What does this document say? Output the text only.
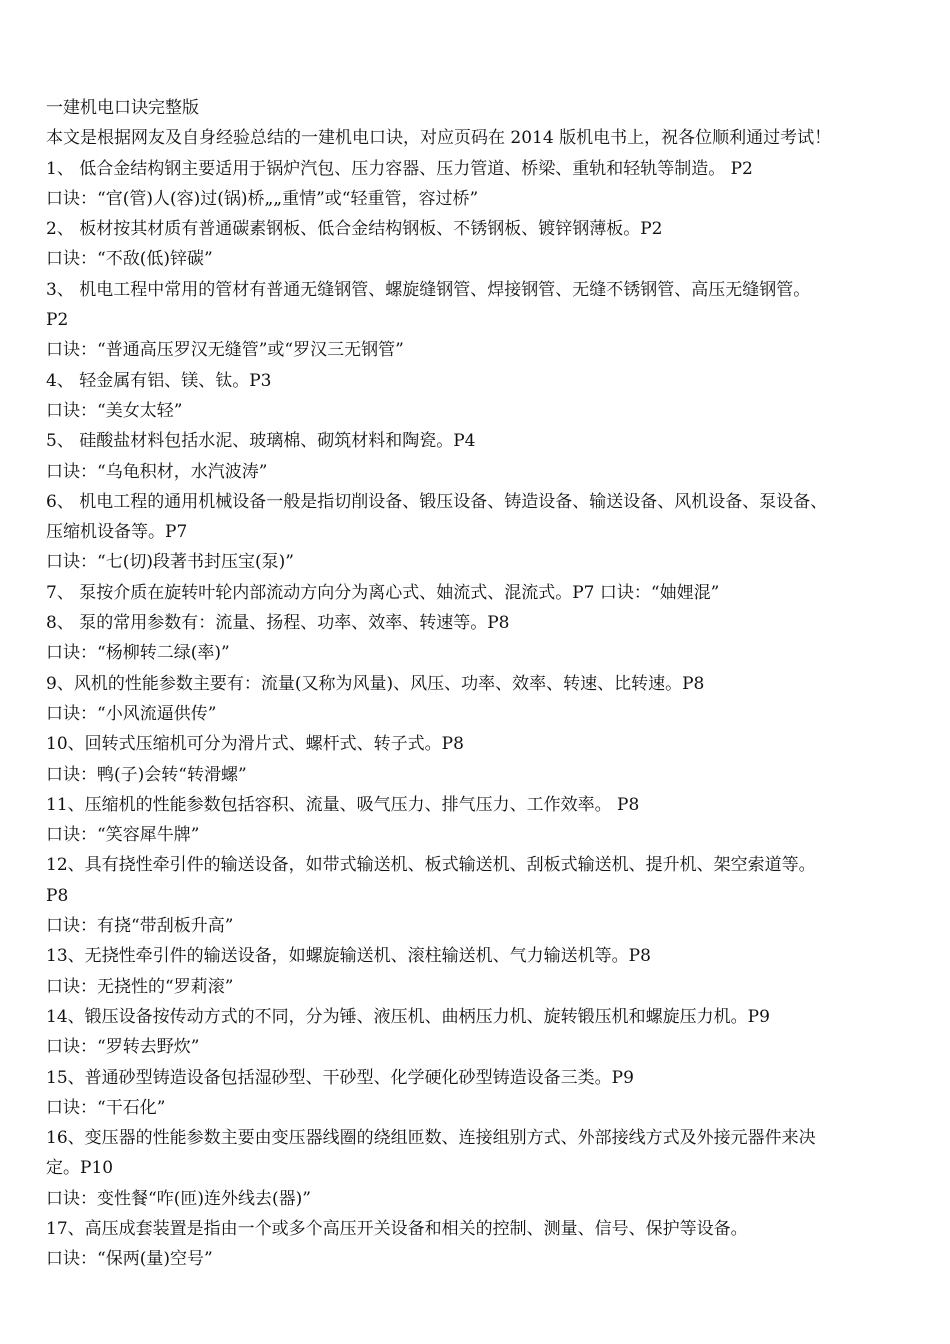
一建机电口诀完整版
本文是根据网友及自身经验总结的一建机电口诀，对应页码在 2014 版机电书上，祝各位顺利通过考试！
1、 低合金结构钢主要适用于锅炉汽包、压力容器、压力管道、桥梁、重轨和轻轨等制造。 P2
口诀：“官(管)人(容)过(锅)桥„„重情”或“轻重管，容过桥”
2、 板材按其材质有普通碳素钢板、低合金结构钢板、不锈钢板、镀锌钢薄板。P2
口诀：“不敌(低)锌碳”
3、 机电工程中常用的管材有普通无缝钢管、螺旋缝钢管、焊接钢管、无缝不锈钢管、高压无缝钢管。
P2
口诀：“普通高压罗汉无缝管”或“罗汉三无钢管”
4、 轻金属有铝、镁、钛。P3
口诀：“美女太轻”
5、 硅酸盐材料包括水泥、玻璃棉、砌筑材料和陶瓷。P4
口诀：“乌龟积材，水汽波涛”
6、 机电工程的通用机械设备一般是指切削设备、锻压设备、铸造设备、输送设备、风机设备、泵设备、
压缩机设备等。P7
口诀：“七(切)段著书封压宝(泵)”
7、 泵按介质在旋转叶轮内部流动方向分为离心式、妯流式、混流式。P7 口诀：“妯娌混”
8、 泵的常用参数有：流量、扬程、功率、效率、转速等。P8
口诀：“杨柳转二绿(率)”
9、风机的性能参数主要有：流量(又称为风量)、风压、功率、效率、转速、比转速。P8
口诀：“小风流逼供传”
10、回转式压缩机可分为滑片式、螺杆式、转子式。P8
口诀：鸭(子)会转“转滑螺”
11、压缩机的性能参数包括容积、流量、吸气压力、排气压力、工作效率。 P8
口诀：“笑容犀牛牌”
12、具有挠性牵引件的输送设备，如带式输送机、板式输送机、刮板式输送机、提升机、架空索道等。
P8
口诀：有挠“带刮板升高”
13、无挠性牵引件的输送设备，如螺旋输送机、滚柱输送机、气力输送机等。P8
口诀：无挠性的“罗莉滚”
14、锻压设备按传动方式的不同，分为锤、液压机、曲柄压力机、旋转锻压机和螺旋压力机。P9
口诀：“罗转去野炊”
15、普通砂型铸造设备包括湿砂型、干砂型、化学硬化砂型铸造设备三类。P9
口诀：“干石化”
16、变压器的性能参数主要由变压器线圈的绕组匝数、连接组别方式、外部接线方式及外接元器件来决
定。P10
口诀：变性餐“咋(匝)连外线去(器)”
17、高压成套装置是指由一个或多个高压开关设备和相关的控制、测量、信号、保护等设备。
口诀：“保两(量)空号”
